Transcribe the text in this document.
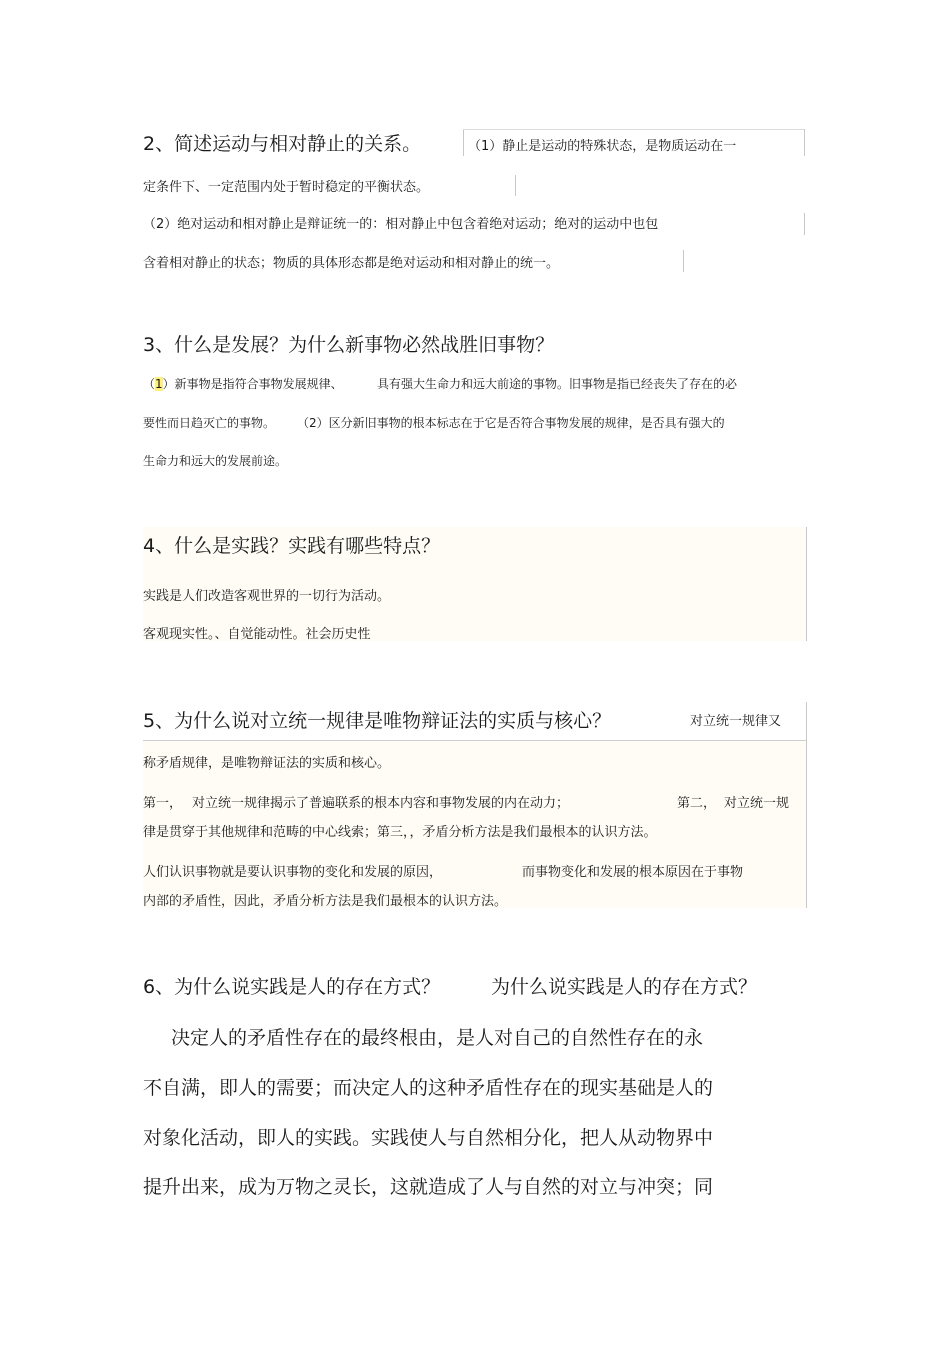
2、简述运动与相对静止的关系。	（1）静止是运动的特殊状态，是物质运动在一
定条件下、一定范围内处于暂时稳定的平衡状态。
（2）绝对运动和相对静止是辩证统一的：相对静止中包含着绝对运动；绝对的运动中也包
含着相对静止的状态；物质的具体形态都是绝对运动和相对静止的统一。
3、什么是发展？为什么新事物必然战胜旧事物？
（1）新事物是指符合事物发展规律、	具有强大生命力和远大前途的事物。旧事物是指已经丧失了存在的必
要性而日趋灭亡的事物。 （2）区分新旧事物的根本标志在于它是否符合事物发展的规律，是否具有强大的
生命力和远大的发展前途。
4、什么是实践？实践有哪些特点？
实践是人们改造客观世界的一切行为活动。
客观现实性。、自觉能动性。社会历史性
5、为什么说对立统一规律是唯物辩证法的实质与核心？	对立统一规律又
称矛盾规律，是唯物辩证法的实质和核心。
第一， 对立统一规律揭示了普遍联系的根本内容和事物发展的内在动力；	第二， 对立统一规
律是贯穿于其他规律和范畴的中心线索；第三，，矛盾分析方法是我们最根本的认识方法。
人们认识事物就是要认识事物的变化和发展的原因，	而事物变化和发展的根本原因在于事物
内部的矛盾性，因此，矛盾分析方法是我们最根本的认识方法。
6、为什么说实践是人的存在方式？	为什么说实践是人的存在方式？
决定人的矛盾性存在的最终根由，是人对自己的自然性存在的永
不自满，即人的需要；而决定人的这种矛盾性存在的现实基础是人的
对象化活动，即人的实践。实践使人与自然相分化，把人从动物界中
提升出来，成为万物之灵长，这就造成了人与自然的对立与冲突；同
